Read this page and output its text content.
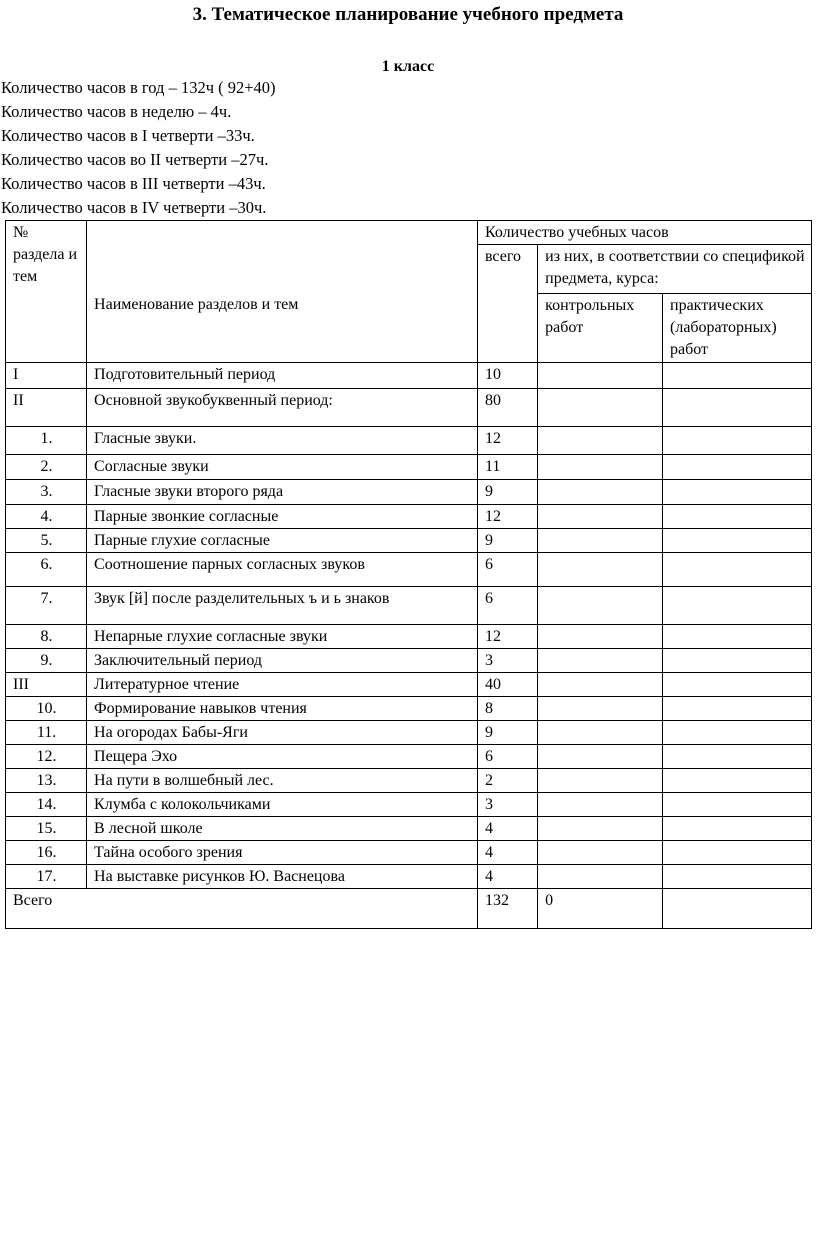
3. Тематическое планирование учебного предмета
1 класс
Количество часов в год – 132ч ( 92+40)
Количество часов в неделю – 4ч.
Количество часов в I четверти –33ч.
Количество часов во II четверти –27ч.
Количество часов в III четверти –43ч.
Количество часов в IV четверти –30ч.
№ раздела и тем	Наименование разделов и тем	Количество учебных часов		
		всего	из них, в соответствии со спецификой предмета, курса:	
			контрольных работ	практических (лабораторных) работ
I	Подготовительный период	10		
II	Основной звукобуквенный период:	80		
1.	Гласные звуки.	12		
2.	Согласные звуки	11		
3.	Гласные звуки второго ряда	9		
4.	Парные звонкие согласные	12		
5.	Парные глухие согласные	9		
6.	Соотношение парных согласных звуков	6		
7.	Звук [й] после разделительных ъ и ь знаков	6		
8.	Непарные глухие согласные звуки	12		
9.	Заключительный период	3		
III	Литературное чтение	40		
10.	Формирование навыков чтения	8		
11.	На огородах Бабы-Яги	9		
12.	Пещера Эхо	6		
13.	На пути в волшебный лес.	2		
14.	Клумба с колокольчиками	3		
15.	В лесной школе	4		
16.	Тайна особого зрения	4		
17.	На выставке рисунков Ю. Васнецова	4		
Всего		132	0	
